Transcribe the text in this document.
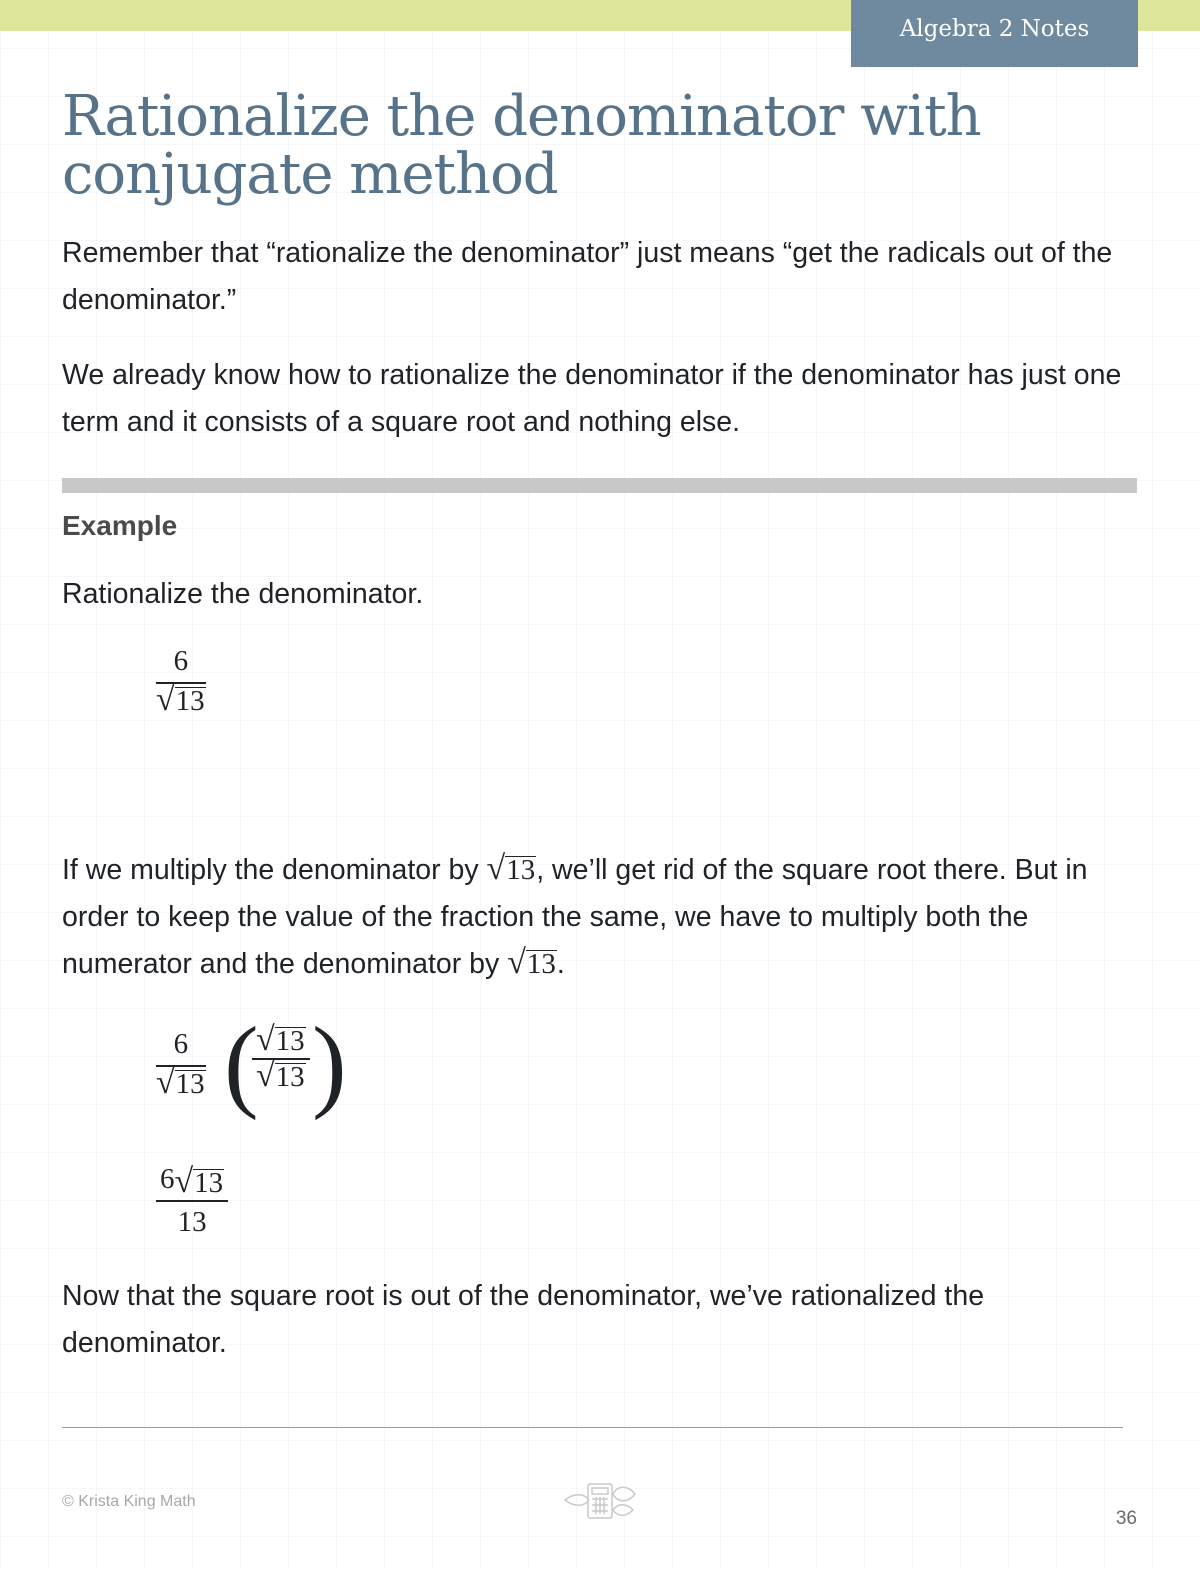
Algebra 2 Notes
Rationalize the denominator with conjugate method

Remember that “rationalize the denominator” just means “get the radicals out of the denominator.”

We already know how to rationalize the denominator if the denominator has just one term and it consists of a square root and nothing else.

Example

Rationalize the denominator.

6
√ 13

If we multiply the denominator by √ 13 , we’ll get rid of the square root there. But in order to keep the value of the fraction the same, we have to multiply both the numerator and the denominator by √ 13 .

6
√ 13 (
√ 13
√ 13 )
6 √ 13
13

Now that the square root is out of the denominator, we’ve rationalized the denominator.

© Krista King Math
36
